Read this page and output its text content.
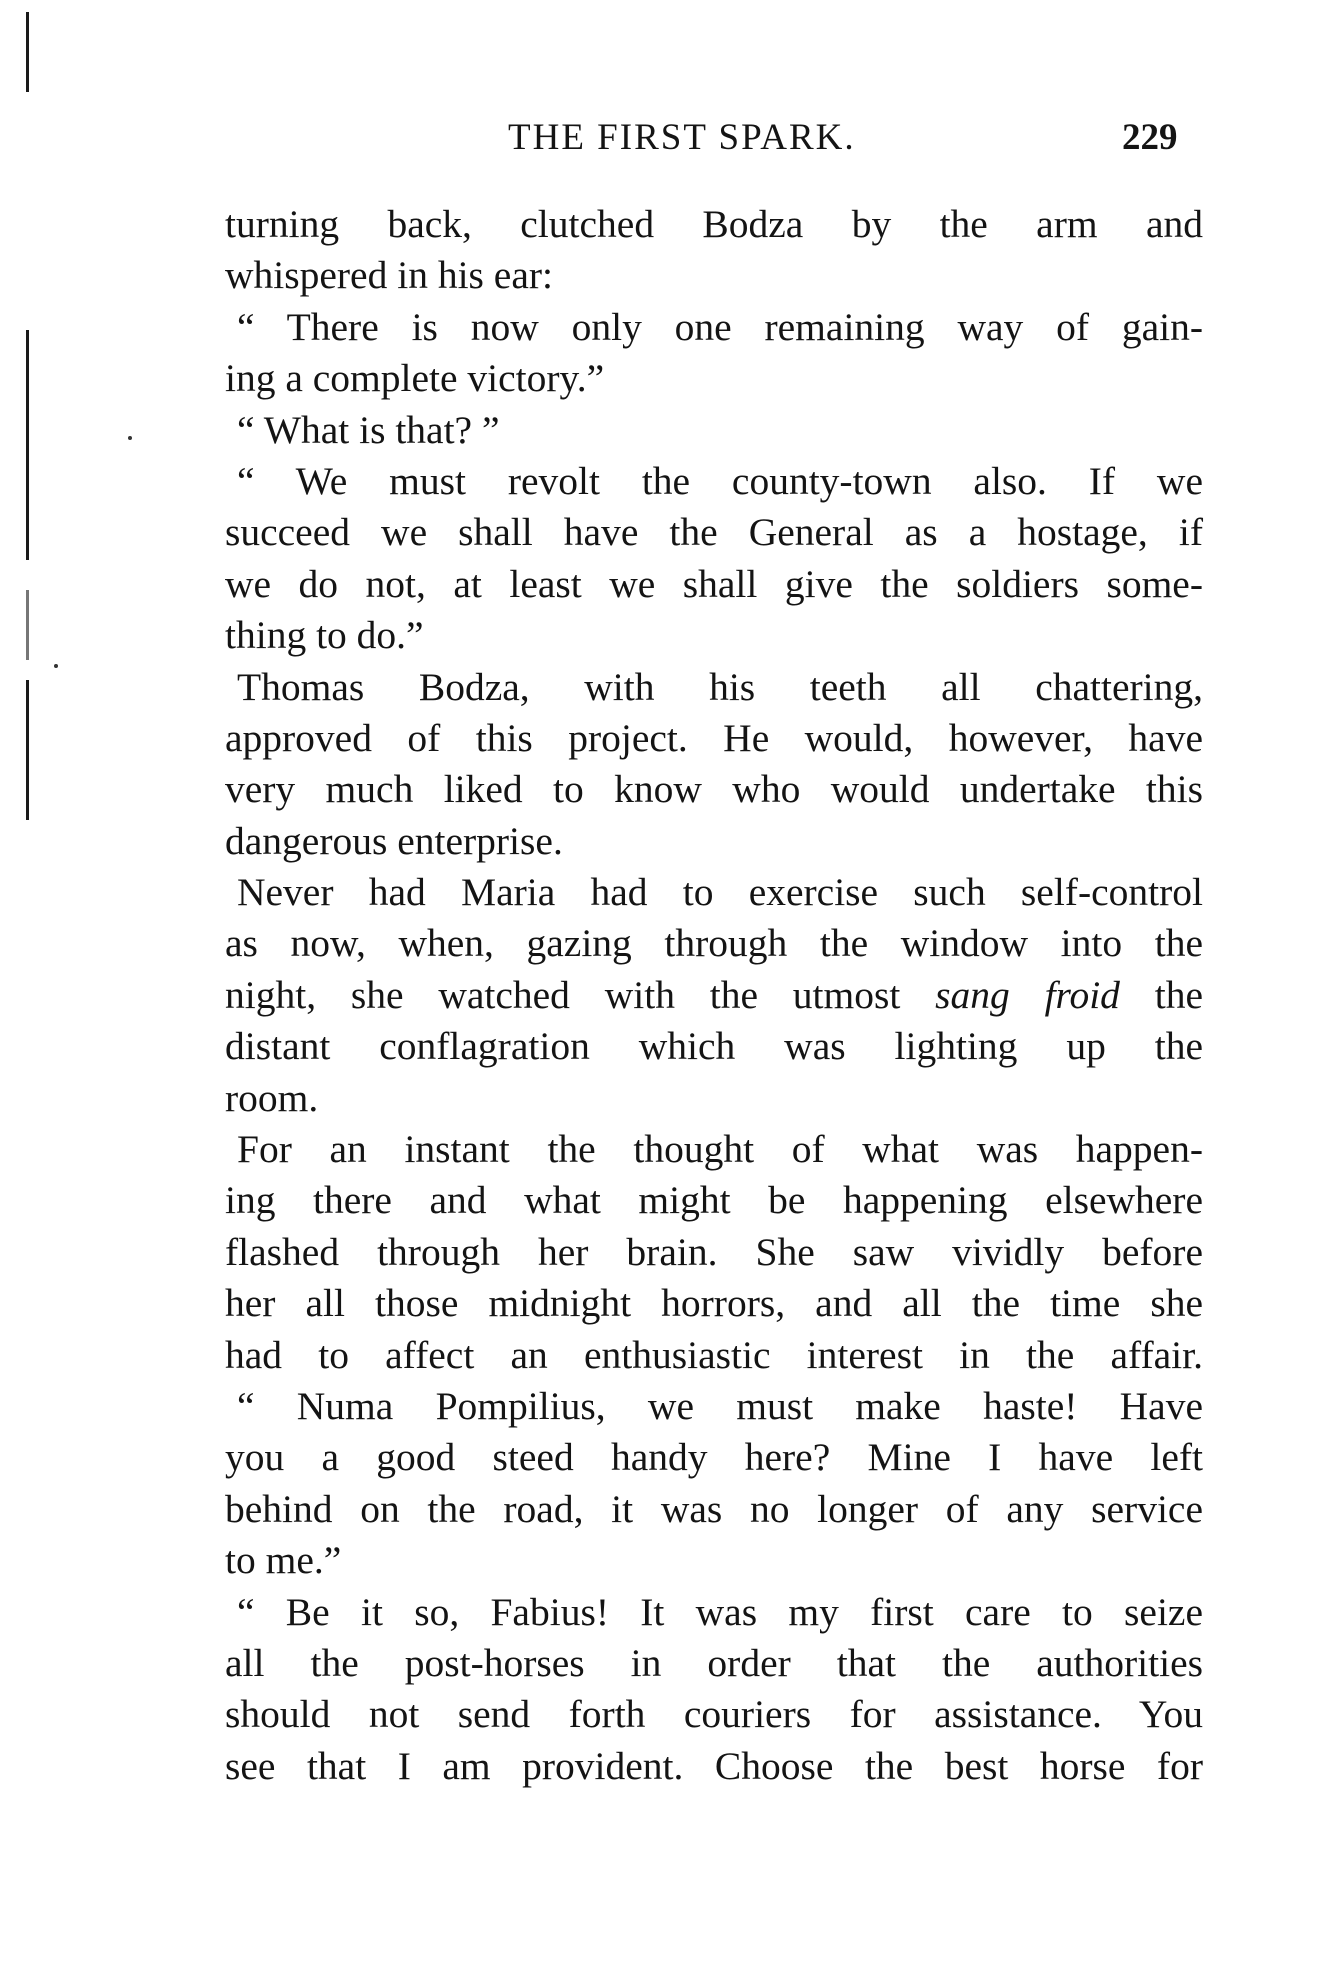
THE FIRST SPARK.	229
turning back, clutched Bodza by the arm and
whispered in his ear:
“ There is now only one remaining way of gain-
ing a complete victory.”
“ What is that? ”
“ We must revolt the county-town also. If we
succeed we shall have the General as a hostage, if
we do not, at least we shall give the soldiers some-
thing to do.”
Thomas Bodza, with his teeth all chattering,
approved of this project. He would, however, have
very much liked to know who would undertake this
dangerous enterprise.
Never had Maria had to exercise such self-control
as now, when, gazing through the window into the
night, she watched with the utmost sang froid the
distant conflagration which was lighting up the
room.
For an instant the thought of what was happen-
ing there and what might be happening elsewhere
flashed through her brain. She saw vividly before
her all those midnight horrors, and all the time she
had to affect an enthusiastic interest in the affair.
“ Numa Pompilius, we must make haste! Have
you a good steed handy here? Mine I have left
behind on the road, it was no longer of any service
to me.”
“ Be it so, Fabius! It was my first care to seize
all the post-horses in order that the authorities
should not send forth couriers for assistance. You
see that I am provident. Choose the best horse for
